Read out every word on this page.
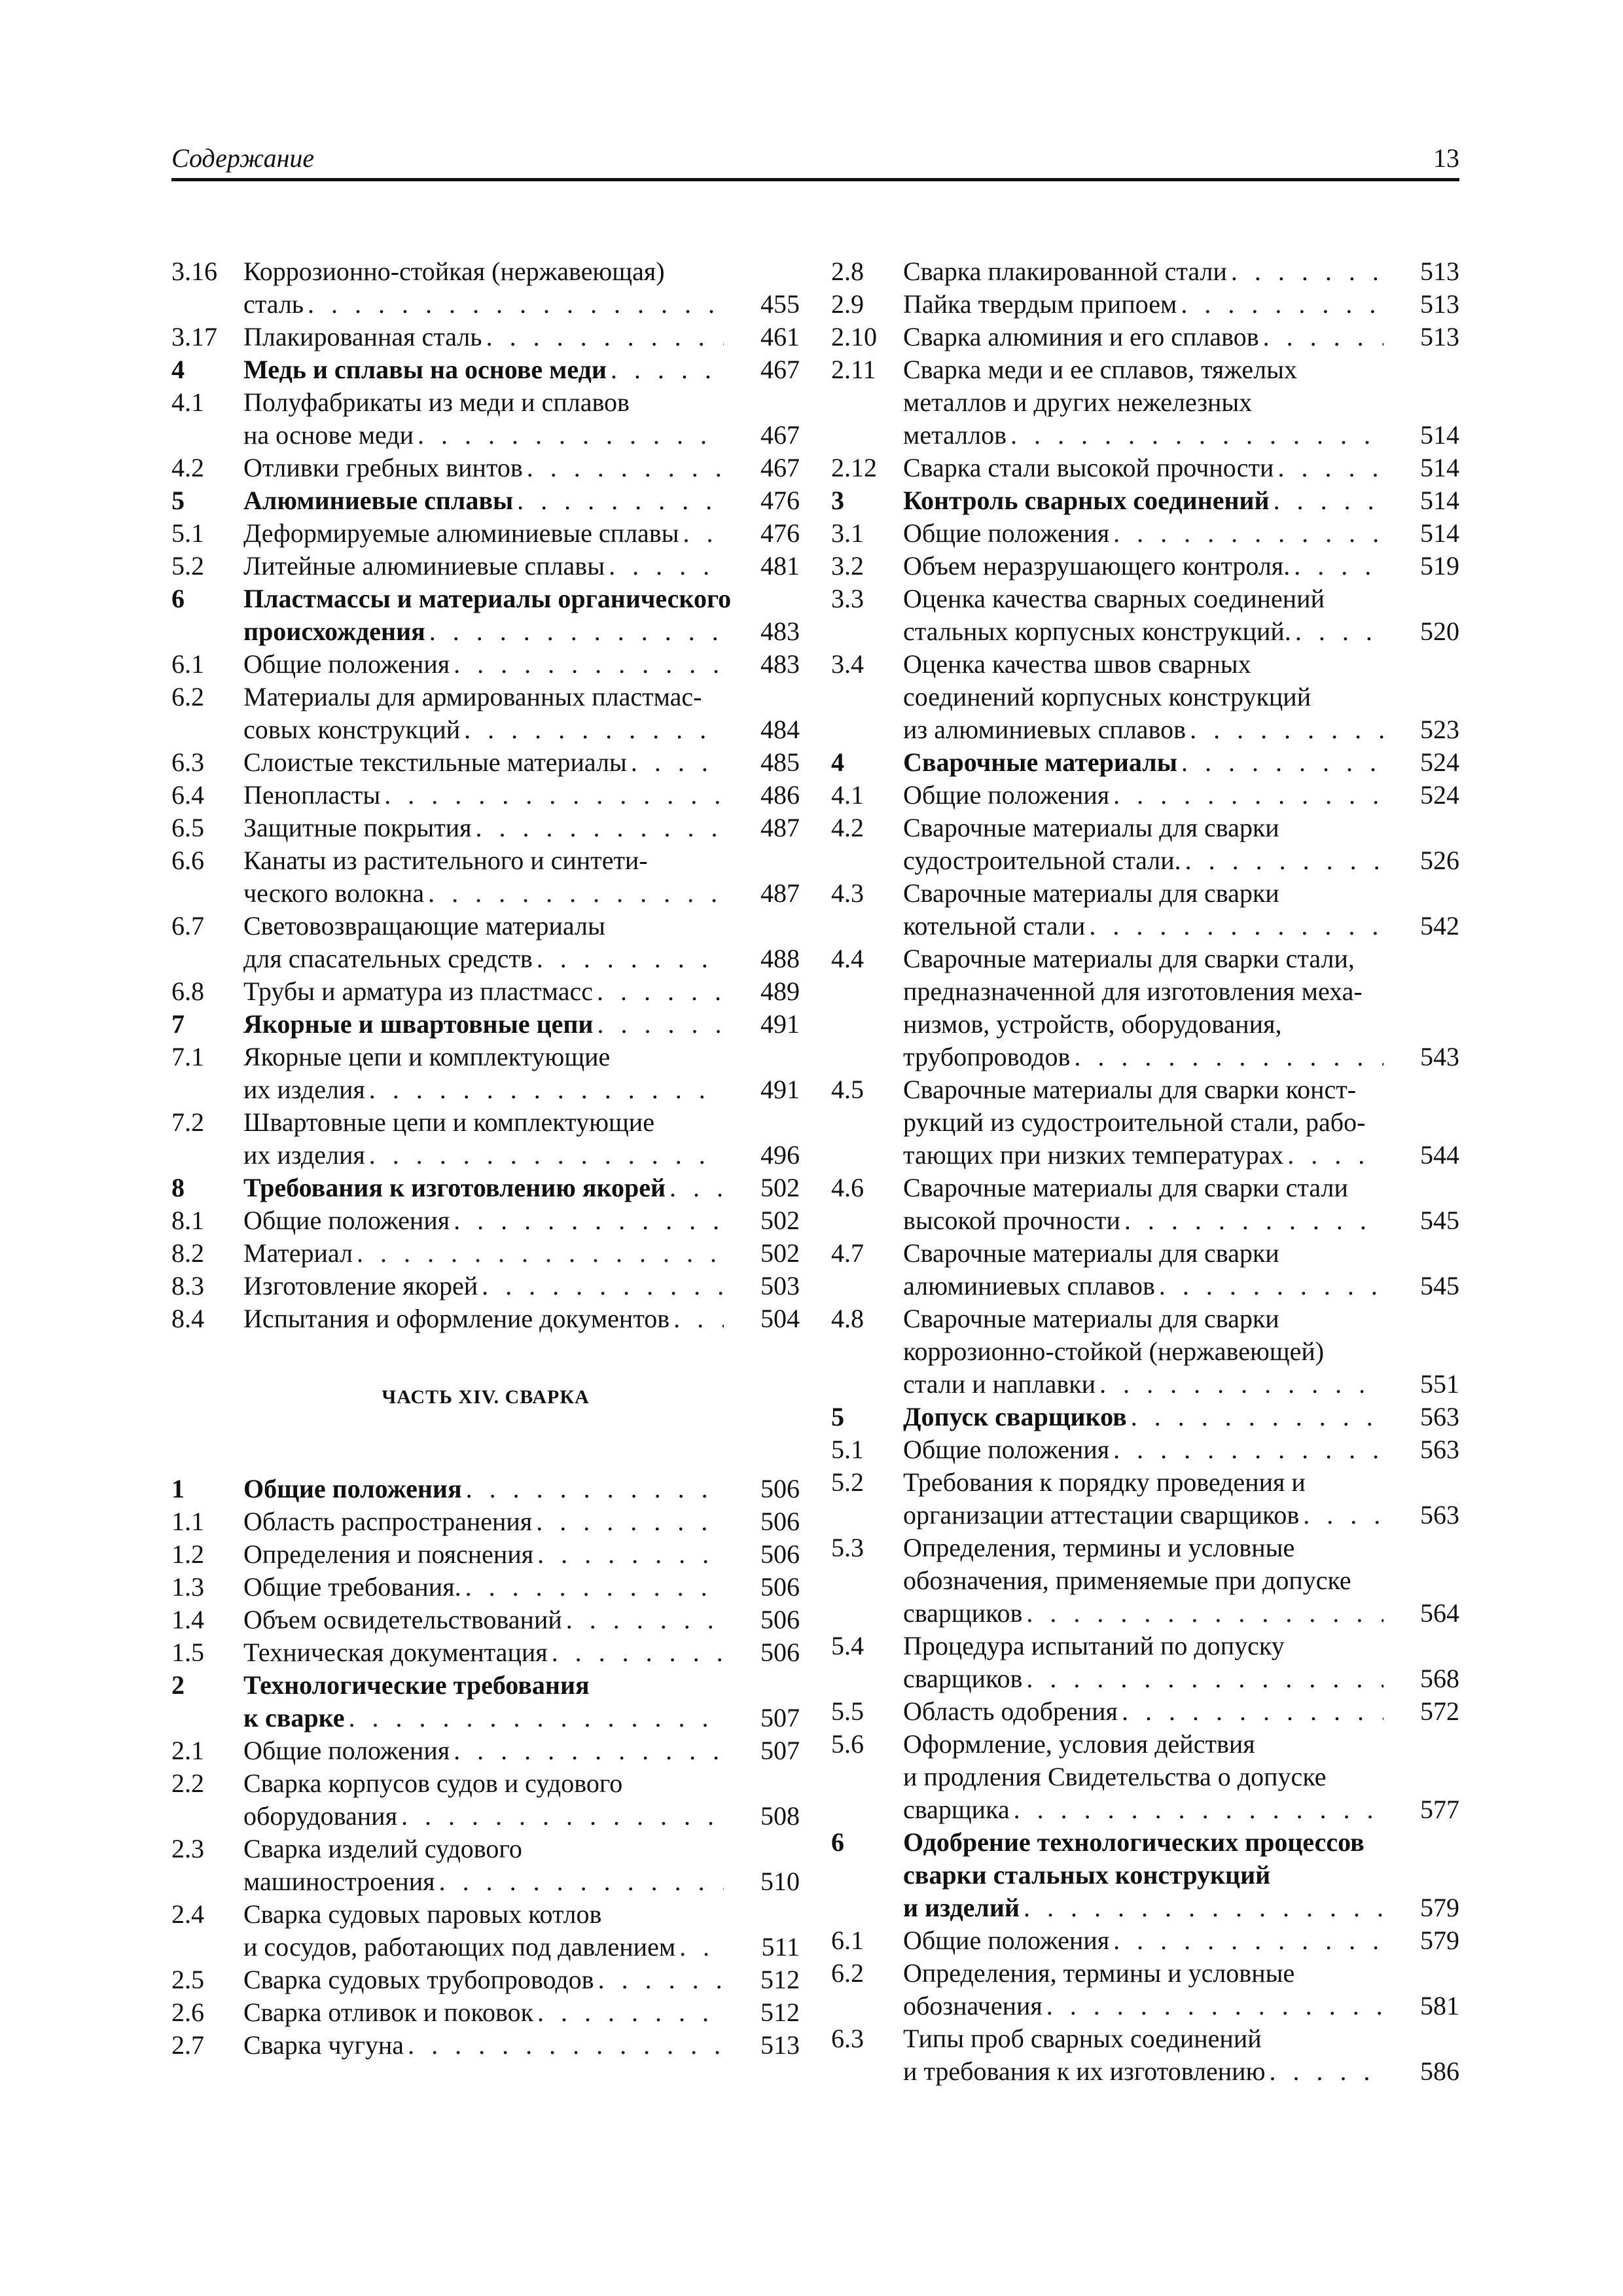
Содержание	13
3.16	Коррозионно-стойкая (нержавеющая)
сталь . . .	455
3.17	Плакированная сталь . . .	461
4	Медь и сплавы на основе меди . . .	467
4.1	Полуфабрикаты из меди и сплавов
на основе меди . . .	467
4.2	Отливки гребных винтов . . .	467
5	Алюминиевые сплавы . . .	476
5.1	Деформируемые алюминиевые сплавы . . .	476
5.2	Литейные алюминиевые сплавы . . .	481
6	Пластмассы и материалы органического
происхождения . . .	483
6.1	Общие положения . . .	483
6.2	Материалы для армированных пластмас-
совых конструкций . . .	484
6.3	Слоистые текстильные материалы . . .	485
6.4	Пенопласты . . .	486
6.5	Защитные покрытия . . .	487
6.6	Канаты из растительного и синтети-
ческого волокна . . .	487
6.7	Световозвращающие материалы
для спасательных средств . . .	488
6.8	Трубы и арматура из пластмасс . . .	489
7	Якорные и швартовные цепи . . .	491
7.1	Якорные цепи и комплектующие
их изделия . . .	491
7.2	Швартовные цепи и комплектующие
их изделия . . .	496
8	Требования к изготовлению якорей . . .	502
8.1	Общие положения . . .	502
8.2	Материал . . .	502
8.3	Изготовление якорей . . .	503
8.4	Испытания и оформление документов . . .	504
ЧАСТЬ XIV. СВАРКА
1	Общие положения . . .	506
1.1	Область распространения . . .	506
1.2	Определения и пояснения . . .	506
1.3	Общие требования. . . .	506
1.4	Объем освидетельствований . . .	506
1.5	Техническая документация . . .	506
2	Технологические требования
к сварке . . .	507
2.1	Общие положения . . .	507
2.2	Сварка корпусов судов и судового
оборудования . . .	508
2.3	Сварка изделий судового
машиностроения . . .	510
2.4	Сварка судовых паровых котлов
и сосудов, работающих под давлением . . .	511
2.5	Сварка судовых трубопроводов . . .	512
2.6	Сварка отливок и поковок . . .	512
2.7	Сварка чугуна . . .	513
2.8	Сварка плакированной стали . . .	513
2.9	Пайка твердым припоем . . .	513
2.10	Сварка алюминия и его сплавов . . .	513
2.11	Сварка меди и ее сплавов, тяжелых
металлов и других нежелезных
металлов . . .	514
2.12	Сварка стали высокой прочности . . .	514
3	Контроль сварных соединений . . .	514
3.1	Общие положения . . .	514
3.2	Объем неразрушающего контроля. . . .	519
3.3	Оценка качества сварных соединений
стальных корпусных конструкций. . . .	520
3.4	Оценка качества швов сварных
соединений корпусных конструкций
из алюминиевых сплавов . . .	523
4	Сварочные материалы . . .	524
4.1	Общие положения . . .	524
4.2	Сварочные материалы для сварки
судостроительной стали. . . .	526
4.3	Сварочные материалы для сварки
котельной стали . . .	542
4.4	Сварочные материалы для сварки стали,
предназначенной для изготовления меха-
низмов, устройств, оборудования,
трубопроводов . . .	543
4.5	Сварочные материалы для сварки конст-
рукций из судостроительной стали, рабо-
тающих при низких температурах . . .	544
4.6	Сварочные материалы для сварки стали
высокой прочности . . .	545
4.7	Сварочные материалы для сварки
алюминиевых сплавов . . .	545
4.8	Сварочные материалы для сварки
коррозионно-стойкой (нержавеющей)
стали и наплавки . . .	551
5	Допуск сварщиков . . .	563
5.1	Общие положения . . .	563
5.2	Требования к порядку проведения и
организации аттестации сварщиков . . .	563
5.3	Определения, термины и условные
обозначения, применяемые при допуске
сварщиков . . .	564
5.4	Процедура испытаний по допуску
сварщиков . . .	568
5.5	Область одобрения . . .	572
5.6	Оформление, условия действия
и продления Свидетельства о допуске
сварщика . . .	577
6	Одобрение технологических процессов
сварки стальных конструкций
и изделий . . .	579
6.1	Общие положения . . .	579
6.2	Определения, термины и условные
обозначения . . .	581
6.3	Типы проб сварных соединений
и требования к их изготовлению . . .	586
